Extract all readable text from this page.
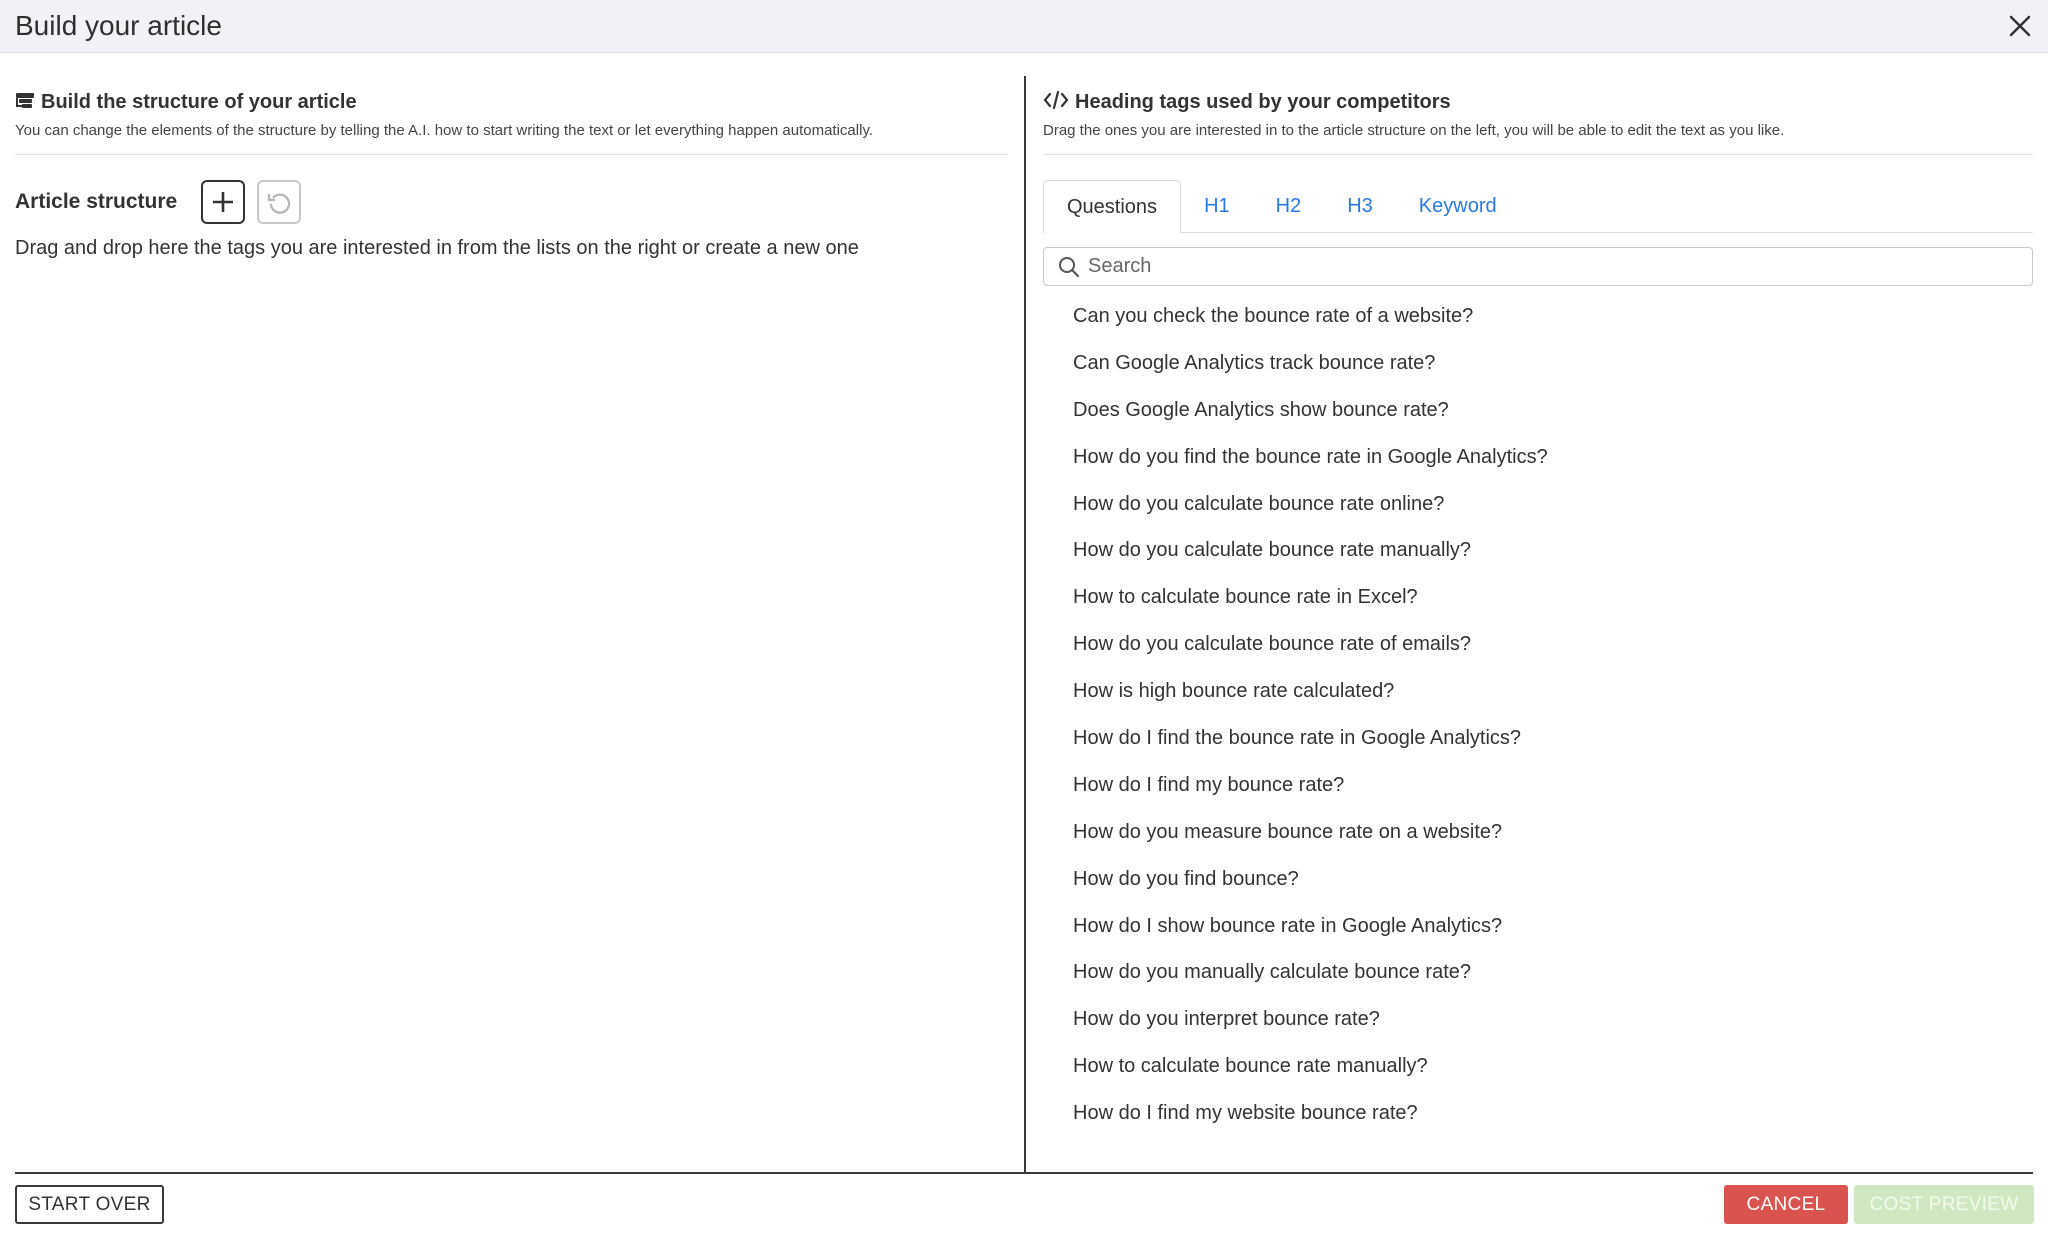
Build your article
Build the structure of your article
You can change the elements of the structure by telling the A.I. how to start writing the text or let everything happen automatically.
Article structure
Drag and drop here the tags you are interested in from the lists on the right or create a new one
Heading tags used by your competitors
Drag the ones you are interested in to the article structure on the left, you will be able to edit the text as you like.
Questions	H1	H2	H3	Keyword
Search
Can you check the bounce rate of a website?
Can Google Analytics track bounce rate?
Does Google Analytics show bounce rate?
How do you find the bounce rate in Google Analytics?
How do you calculate bounce rate online?
How do you calculate bounce rate manually?
How to calculate bounce rate in Excel?
How do you calculate bounce rate of emails?
How is high bounce rate calculated?
How do I find the bounce rate in Google Analytics?
How do I find my bounce rate?
How do you measure bounce rate on a website?
How do you find bounce?
How do I show bounce rate in Google Analytics?
How do you manually calculate bounce rate?
How do you interpret bounce rate?
How to calculate bounce rate manually?
How do I find my website bounce rate?
START OVER	CANCEL	COST PREVIEW
